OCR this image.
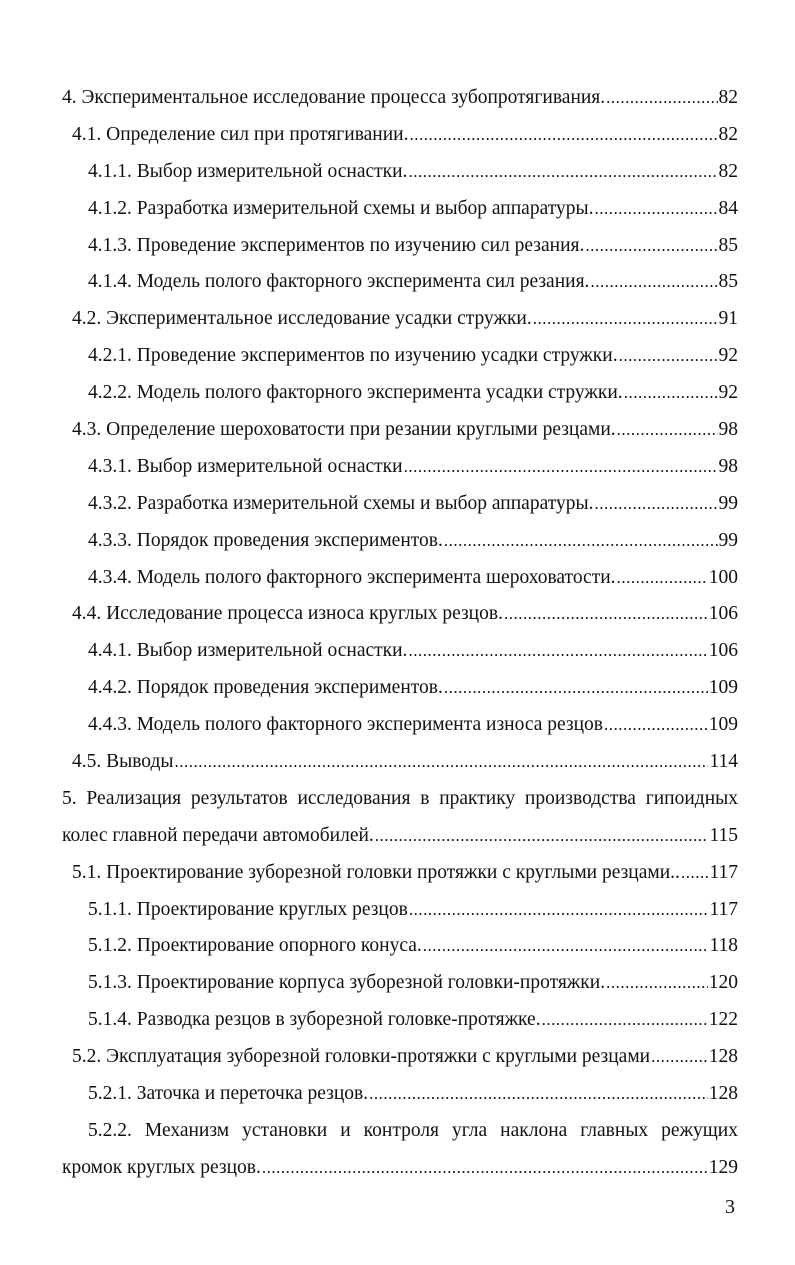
4. Экспериментальное исследование процесса зубопротягивания. .....	82
4.1. Определение сил при протягивании. .....	82
4.1.1. Выбор измерительной оснастки. .....	82
4.1.2. Разработка измерительной схемы и выбор аппаратуры. .....	84
4.1.3. Проведение экспериментов по изучению сил резания. .....	85
4.1.4. Модель полого факторного эксперимента сил резания. .....	85
4.2. Экспериментальное исследование усадки стружки. .....	91
4.2.1. Проведение экспериментов по изучению усадки стружки. .....	92
4.2.2. Модель полого факторного эксперимента усадки стружки. .....	92
4.3. Определение шероховатости при резании круглыми резцами. .....	98
4.3.1. Выбор измерительной оснастки .....	98
4.3.2. Разработка измерительной схемы и выбор аппаратуры. .....	99
4.3.3. Порядок проведения экспериментов. .....	99
4.3.4. Модель полого факторного эксперимента шероховатости. .....	100
4.4. Исследование процесса износа круглых резцов. .....	106
4.4.1. Выбор измерительной оснастки. .....	106
4.4.2. Порядок проведения экспериментов. .....	109
4.4.3. Модель полого факторного эксперимента износа резцов .....	109
4.5. Выводы .....	114
5. Реализация результатов исследования в практику производства гипоидных
колес главной передачи автомобилей. .....	115
5.1. Проектирование зуборезной головки протяжки с круглыми резцами.. ..... 117
5.1.1. Проектирование круглых резцов .....	117
5.1.2. Проектирование опорного конуса. .....	118
5.1.3. Проектирование корпуса зуборезной головки-протяжки. .....	120
5.1.4. Разводка резцов в зуборезной головке-протяжке. .....	122
5.2. Эксплуатация зуборезной головки-протяжки с круглыми резцами .....	128
5.2.1. Заточка и переточка резцов. .....	128
5.2.2. Механизм установки и контроля угла наклона главных режущих
кромок круглых резцов. .....	129
3
